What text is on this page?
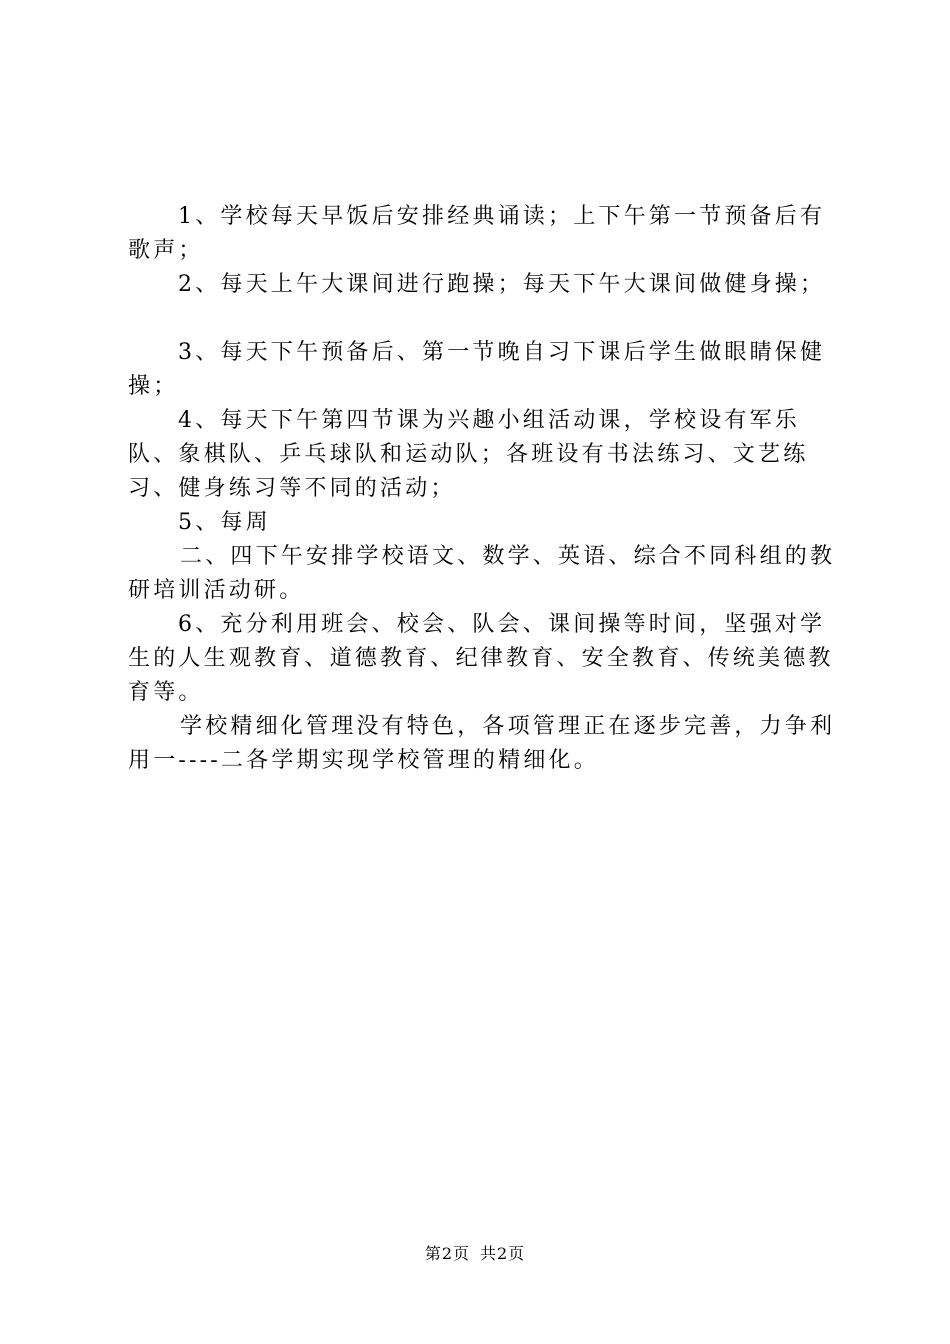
1、学校每天早饭后安排经典诵读；上下午第一节预备后有歌声；

2、每天上午大课间进行跑操；每天下午大课间做健身操；

3、每天下午预备后、第一节晚自习下课后学生做眼睛保健操；

4、每天下午第四节课为兴趣小组活动课，学校设有军乐队、象棋队、乒乓球队和运动队；各班设有书法练习、文艺练习、健身练习等不同的活动；

5、每周

二、四下午安排学校语文、数学、英语、综合不同科组的教研培训活动研。

6、充分利用班会、校会、队会、课间操等时间，坚强对学生的人生观教育、道德教育、纪律教育、安全教育、传统美德教育等。

学校精细化管理没有特色，各项管理正在逐步完善，力争利用一----二各学期实现学校管理的精细化。

第2页 共2页
